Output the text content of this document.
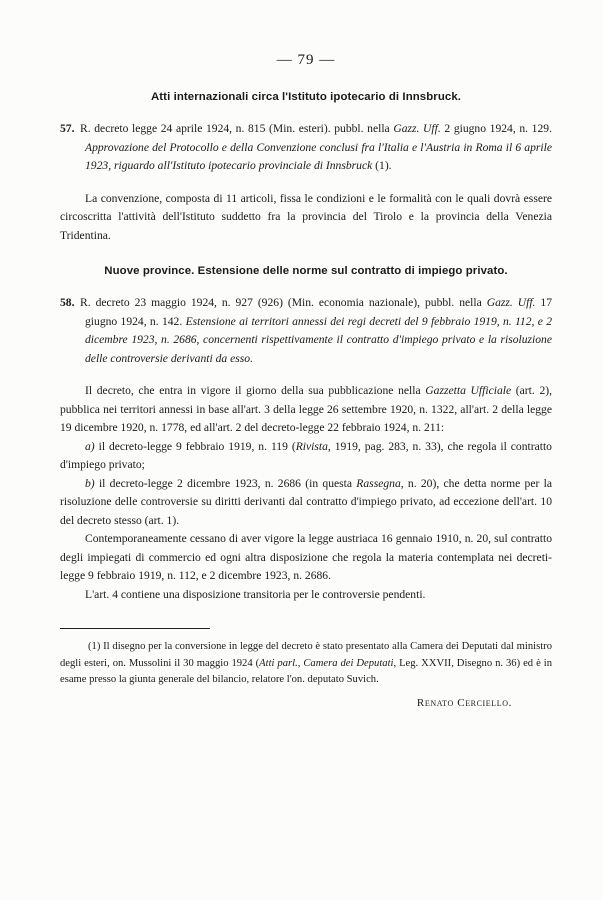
— 79 —
Atti internazionali circa l'Istituto ipotecario di Innsbruck.

57. R. decreto legge 24 aprile 1924, n. 815 (Min. esteri). pubbl. nella Gazz. Uff. 2 giugno 1924, n. 129. Approvazione del Protocollo e della Convenzione conclusi fra l'Italia e l'Austria in Roma il 6 aprile 1923, riguardo all'Istituto ipotecario provinciale di Innsbruck (1).

La convenzione, composta di 11 articoli, fissa le condizioni e le formalità con le quali dovrà essere circoscritta l'attività dell'Istituto suddetto fra la provincia del Tirolo e la provincia della Venezia Tridentina.

Nuove province. Estensione delle norme sul contratto di impiego privato.

58. R. decreto 23 maggio 1924, n. 927 (926) (Min. economia nazionale), pubbl. nella Gazz. Uff. 17 giugno 1924, n. 142. Estensione ai territori annessi dei regi decreti del 9 febbraio 1919, n. 112, e 2 dicembre 1923, n. 2686, concernenti rispettivamente il contratto d'impiego privato e la risoluzione delle controversie derivanti da esso.

Il decreto, che entra in vigore il giorno della sua pubblicazione nella Gazzetta Ufficiale (art. 2), pubblica nei territori annessi in base all'art. 3 della legge 26 settembre 1920, n. 1322, all'art. 2 della legge 19 dicembre 1920, n. 1778, ed all'art. 2 del decreto-legge 22 febbraio 1924, n. 211:

a) il decreto-legge 9 febbraio 1919, n. 119 (Rivista, 1919, pag. 283, n. 33), che regola il contratto d'impiego privato;

b) il decreto-legge 2 dicembre 1923, n. 2686 (in questa Rassegna, n. 20), che detta norme per la risoluzione delle controversie su diritti derivanti dal contratto d'impiego privato, ad eccezione dell'art. 10 del decreto stesso (art. 1).

Contemporaneamente cessano di aver vigore la legge austriaca 16 gennaio 1910, n. 20, sul contratto degli impiegati di commercio ed ogni altra disposizione che regola la materia contemplata nei decreti-legge 9 febbraio 1919, n. 112, e 2 dicembre 1923, n. 2686.

L'art. 4 contiene una disposizione transitoria per le controversie pendenti.

(1) Il disegno per la conversione in legge del decreto è stato presentato alla Camera dei Deputati dal ministro degli esteri, on. Mussolini il 30 maggio 1924 (Atti parl., Camera dei Deputati, Leg. XXVII, Disegno n. 36) ed è in esame presso la giunta generale del bilancio, relatore l'on. deputato Suvich.

Renato Cerciello.
